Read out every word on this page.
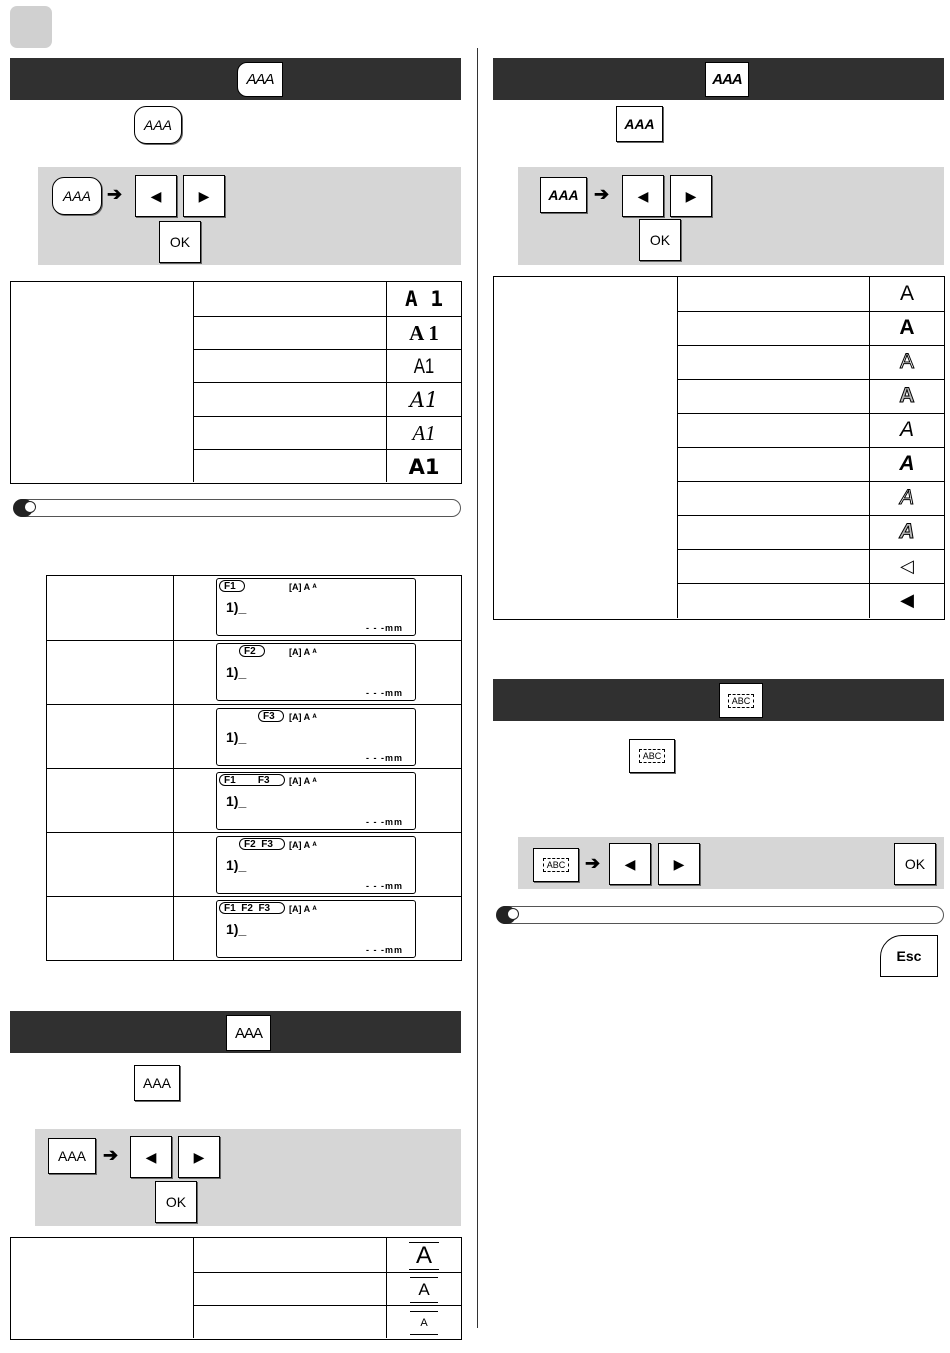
AAA
AAA
AAA ➔	◀	▶
OK
A 1
A 1
A1
A1
A1
A1
F1	[A] A ᴬ
1)_
- - -mm
F2	[A] A ᴬ
1)_
- - -mm
F3 [A] A ᴬ
1)_
- - -mm
F1        F3 [A] A ᴬ
1)_
- - -mm
F2  F3 [A] A ᴬ
1)_
- - -mm
F1  F2  F3 [A] A ᴬ
1)_
- - -mm
AAA
AAA
AAA ➔	◀	▶
OK
A
A
A
AAA
AAA
AAA ➔	◀	▶
OK
A
A
A
A
A
A
A
A
◁
◀
ABC
ABC
ABC ➔	◀	▶	OK
Esc
